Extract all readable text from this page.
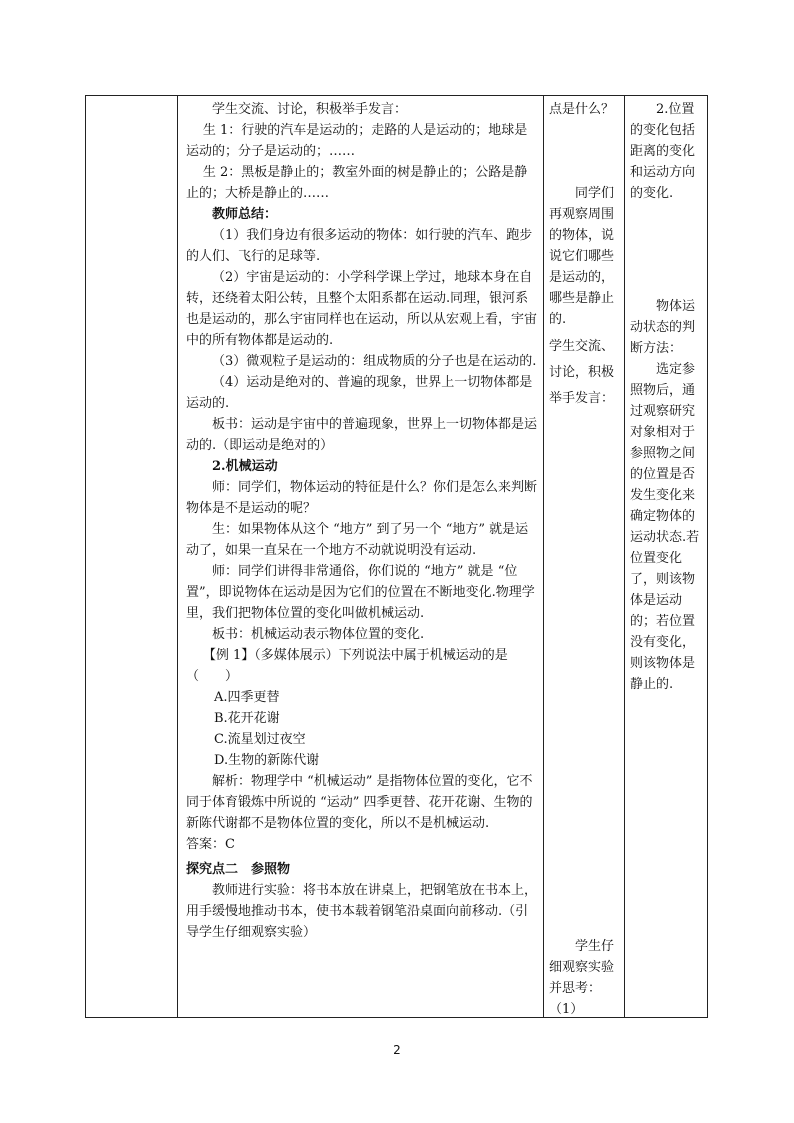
学生交流、讨论，积极举手发言：

生 1：行驶的汽车是运动的；走路的人是运动的；地球是运动的；分子是运动的；……

生 2：黑板是静止的；教室外面的树是静止的；公路是静止的；大桥是静止的……

教师总结：

（1）我们身边有很多运动的物体：如行驶的汽车、跑步的人们、飞行的足球等.

（2）宇宙是运动的：小学科学课上学过，地球本身在自转，还绕着太阳公转，且整个太阳系都在运动.同理，银河系也是运动的，那么宇宙同样也在运动，所以从宏观上看，宇宙中的所有物体都是运动的.

（3）微观粒子是运动的：组成物质的分子也是在运动的.

（4）运动是绝对的、普遍的现象，世界上一切物体都是运动的.

板书：运动是宇宙中的普遍现象，世界上一切物体都是运动的.（即运动是绝对的）

2.机械运动

师：同学们，物体运动的特征是什么？你们是怎么来判断物体是不是运动的呢？

生：如果物体从这个 “地方” 到了另一个 “地方” 就是运动了，如果一直呆在一个地方不动就说明没有运动.

师：同学们讲得非常通俗，你们说的 “地方” 就是 “位置”，即说物体在运动是因为它们的位置在不断地变化.物理学里，我们把物体位置的变化叫做机械运动.

板书：机械运动表示物体位置的变化.

【例 1】（多媒体展示）下列说法中属于机械运动的是（　　）

A.四季更替

B.花开花谢

C.流星划过夜空

D.生物的新陈代谢

解析：物理学中 “机械运动” 是指物体位置的变化，它不同于体育锻炼中所说的 “运动” 四季更替、花开花谢、生物的新陈代谢都不是物体位置的变化，所以不是机械运动.

答案：C

探究点二　参照物

教师进行实验：将书本放在讲桌上，把钢笔放在书本上，用手缓慢地推动书本，使书本载着钢笔沿桌面向前移动.（引导学生仔细观察实验）

点是什么？

同学们再观察周围的物体，说说它们哪些是运动的，哪些是静止的.

学生交流、讨论，积极举手发言：

学生仔细观察实验并思考：（1）

2.位置的变化包括距离的变化和运动方向的变化.

物体运动状态的判断方法：

选定参照物后，通过观察研究对象相对于参照物之间的位置是否发生变化来确定物体的运动状态.若位置变化了，则该物体是运动的；若位置没有变化，则该物体是静止的.

2
